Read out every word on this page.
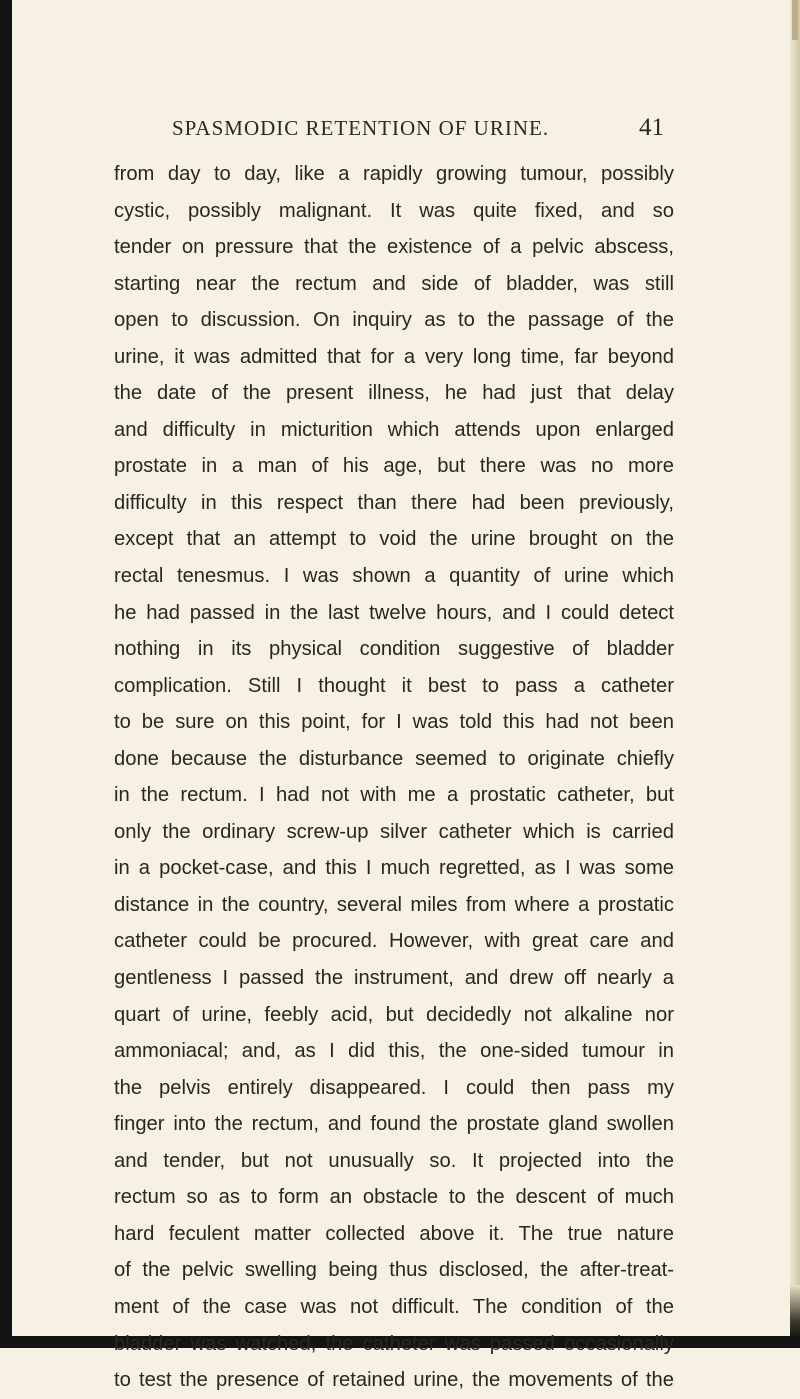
SPASMODIC RETENTION OF URINE.	41
from day to day, like a rapidly growing tumour, possibly
cystic, possibly malignant. It was quite fixed, and so
tender on pressure that the existence of a pelvic abscess,
starting near the rectum and side of bladder, was still
open to discussion. On inquiry as to the passage of the
urine, it was admitted that for a very long time, far beyond
the date of the present illness, he had just that delay
and difficulty in micturition which attends upon enlarged
prostate in a man of his age, but there was no more
difficulty in this respect than there had been previously,
except that an attempt to void the urine brought on the
rectal tenesmus. I was shown a quantity of urine which
he had passed in the last twelve hours, and I could detect
nothing in its physical condition suggestive of bladder
complication. Still I thought it best to pass a catheter
to be sure on this point, for I was told this had not been
done because the disturbance seemed to originate chiefly
in the rectum. I had not with me a prostatic catheter, but
only the ordinary screw-up silver catheter which is carried
in a pocket-case, and this I much regretted, as I was some
distance in the country, several miles from where a prostatic
catheter could be procured. However, with great care and
gentleness I passed the instrument, and drew off nearly a
quart of urine, feebly acid, but decidedly not alkaline nor
ammoniacal; and, as I did this, the one-sided tumour in
the pelvis entirely disappeared. I could then pass my
finger into the rectum, and found the prostate gland swollen
and tender, but not unusually so. It projected into the
rectum so as to form an obstacle to the descent of much
hard feculent matter collected above it. The true nature
of the pelvic swelling being thus disclosed, the after-treat-
ment of the case was not difficult. The condition of the
bladder was watched, the catheter was passed occasionally
to test the presence of retained urine, the movements of the
